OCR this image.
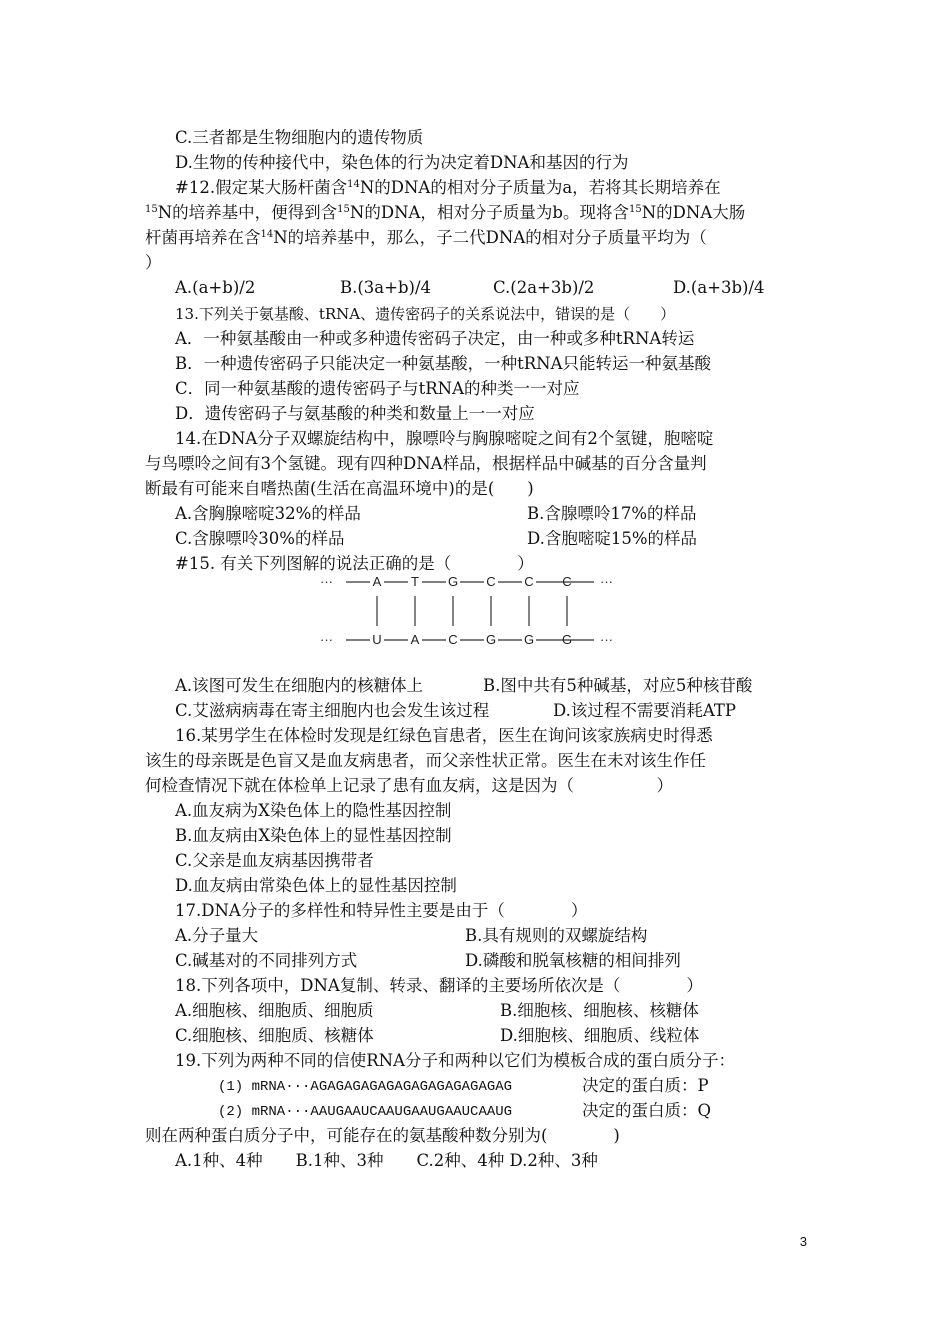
C.三者都是生物细胞内的遗传物质
D.生物的传种接代中，染色体的行为决定着DNA和基因的行为
#12.假定某大肠杆菌含$^{14}$N的DNA的相对分子质量为a，若将其长期培养在
$^{15}$N的培养基中，便得到含$^{15}$N的DNA，相对分子质量为b。现将含$^{15}$N的DNA大肠
杆菌再培养在含$^{14}$N的培养基中，那么，子二代DNA的相对分子质量平均为（
）
A.(a+b)/2	B.(3a+b)/4	C.(2a+3b)/2	D.(a+3b)/4
13.下列关于氨基酸、tRNA、遗传密码子的关系说法中，错误的是（　　）
A．一种氨基酸由一种或多种遗传密码子决定，由一种或多种tRNA转运
B．一种遗传密码子只能决定一种氨基酸，一种tRNA只能转运一种氨基酸
C．同一种氨基酸的遗传密码子与tRNA的种类一一对应
D．遗传密码子与氨基酸的种类和数量上一一对应
14.在DNA分子双螺旋结构中，腺嘌呤与胸腺嘧啶之间有2个氢键，胞嘧啶
与鸟嘌呤之间有3个氢键。现有四种DNA样品，根据样品中碱基的百分含量判
断最有可能来自嗜热菌(生活在高温环境中)的是(　　)
A.含胸腺嘧啶32%的样品	B.含腺嘌呤17%的样品
C.含腺嘌呤30%的样品	D.含胞嘧啶15%的样品
#15. 有关下列图解的说法正确的是（　　　　）
···	···
···	···
A T G C C C
U A C G G G
A.该图可发生在细胞内的核糖体上	B.图中共有5种碱基，对应5种核苷酸
C.艾滋病病毒在寄主细胞内也会发生该过程	D.该过程不需要消耗ATP
16.某男学生在体检时发现是红绿色盲患者，医生在询问该家族病史时得悉
该生的母亲既是色盲又是血友病患者，而父亲性状正常。医生在未对该生作任
何检查情况下就在体检单上记录了患有血友病，这是因为（　　　　　）
A.血友病为X染色体上的隐性基因控制
B.血友病由X染色体上的显性基因控制
C.父亲是血友病基因携带者
D.血友病由常染色体上的显性基因控制
17.DNA分子的多样性和特异性主要是由于（　　　　）
A.分子量大	B.具有规则的双螺旋结构
C.碱基对的不同排列方式	D.磷酸和脱氧核糖的相间排列
18.下列各项中，DNA复制、转录、翻译的主要场所依次是（　　　　）
A.细胞核、细胞质、细胞质	B.细胞核、细胞核、核糖体
C.细胞核、细胞质、核糖体	D.细胞核、细胞质、线粒体
19.下列为两种不同的信使RNA分子和两种以它们为模板合成的蛋白质分子：
(1) mRNA···AGAGAGAGAGAGAGAGAGAGAGAG	决定的蛋白质：P
(2) mRNA···AAUGAAUCAAUGAAUGAAUCAAUG	决定的蛋白质：Q
则在两种蛋白质分子中，可能存在的氨基酸种数分别为(　　　　)
A.1种、4种　　B.1种、3种　　C.2种、4种 D.2种、3种
3
